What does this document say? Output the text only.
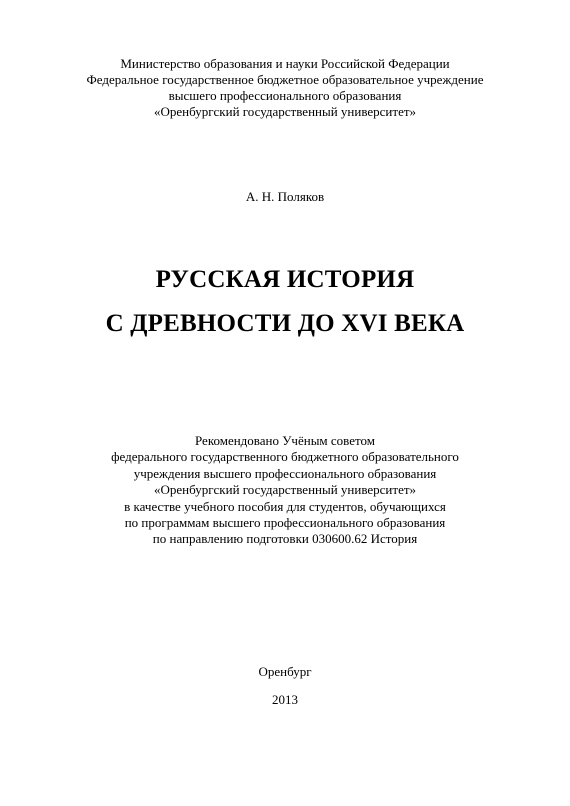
Министерство образования и науки Российской Федерации
Федеральное государственное бюджетное образовательное учреждение
высшего профессионального образования
«Оренбургский государственный университет»
А. Н. Поляков
РУССКАЯ ИСТОРИЯ
С ДРЕВНОСТИ ДО XVI ВЕКА
Рекомендовано Учёным советом
федерального государственного бюджетного образовательного
учреждения высшего профессионального образования
«Оренбургский государственный университет»
в качестве учебного пособия для студентов, обучающихся
по программам высшего профессионального образования
по направлению подготовки 030600.62 История
Оренбург
2013
